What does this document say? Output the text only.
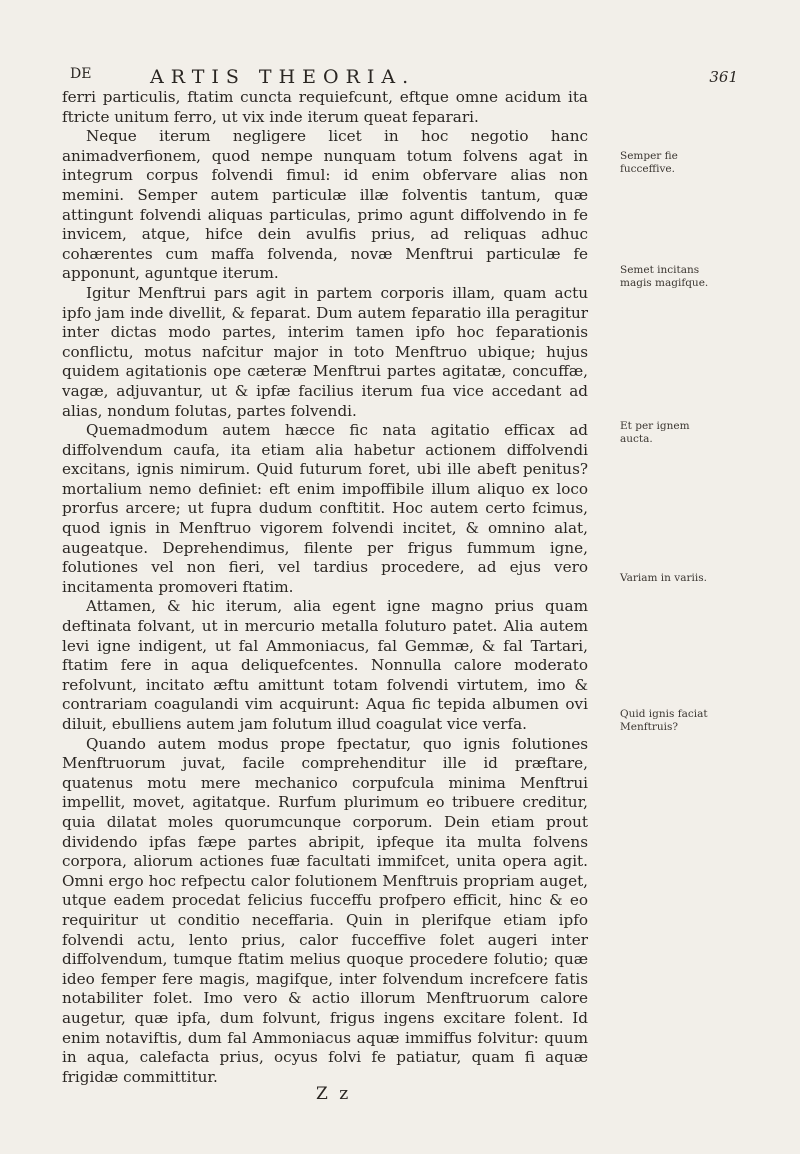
DE	ARTIS THEORIA.	361

ferri particulis, ftatim cuncta requiefcunt, eftque omne acidum ita ftricte unitum ferro, ut vix inde iterum queat feparari.

Neque iterum negligere licet in hoc negotio hanc animadverfionem, quod nempe nunquam totum folvens agat in integrum corpus folvendi fimul: id enim obfervare alias non memini. Semper autem particulæ illæ folventis tantum, quæ attingunt folvendi aliquas particulas, primo agunt diffolvendo in fe invicem, atque, hifce dein avulfis prius, ad reliquas adhuc cohærentes cum maffa folvenda, novæ Menftrui particulæ fe apponunt, aguntque iterum.

Igitur Menftrui pars agit in partem corporis illam, quam actu ipfo jam inde divellit, & feparat. Dum autem feparatio illa peragitur inter dictas modo partes, interim tamen ipfo hoc feparationis conflictu, motus nafcitur major in toto Menftruo ubique; hujus quidem agitationis ope cæteræ Menftrui partes agitatæ, concuffæ, vagæ, adjuvantur, ut & ipfæ facilius iterum fua vice accedant ad alias, nondum folutas, partes folvendi.

Quemadmodum autem hæcce fic nata agitatio efficax ad diffolvendum caufa, ita etiam alia habetur actionem diffolvendi excitans, ignis nimirum. Quid futurum foret, ubi ille abeft penitus? mortalium nemo definiet: eft enim impoffibile illum aliquo ex loco prorfus arcere; ut fupra dudum conftitit. Hoc autem certo fcimus, quod ignis in Menftruo vigorem folvendi incitet, & omnino alat, augeatque. Deprehendimus, filente per frigus fummum igne, folutiones vel non fieri, vel tardius procedere, ad ejus vero incitamenta promoveri ftatim.

Attamen, & hic iterum, alia egent igne magno prius quam deftinata folvant, ut in mercurio metalla foluturo patet. Alia autem levi igne indigent, ut fal Ammoniacus, fal Gemmæ, & fal Tartari, ftatim fere in aqua deliquefcentes. Nonnulla calore moderato refolvunt, incitato æftu amittunt totam folvendi virtutem, imo & contrariam coagulandi vim acquirunt: Aqua fic tepida albumen ovi diluit, ebulliens autem jam folutum illud coagulat vice verfa.

Quando autem modus prope fpectatur, quo ignis folutiones Menftruorum juvat, facile comprehenditur ille id præftare, quatenus motu mere mechanico corpufcula minima Menftrui impellit, movet, agitatque. Rurfum plurimum eo tribuere creditur, quia dilatat moles quorumcunque corporum. Dein etiam prout dividendo ipfas fæpe partes abripit, ipfeque ita multa folvens corpora, aliorum actiones fuæ facultati immifcet, unita opera agit. Omni ergo hoc refpectu calor folutionem Menftruis propriam auget, utque eadem procedat felicius fucceffu profpero efficit, hinc & eo requiritur ut conditio neceffaria. Quin in plerifque etiam ipfo folvendi actu, lento prius, calor fucceffive folet augeri inter diffolvendum, tumque ftatim melius quoque procedere folutio; quæ ideo femper fere magis, magifque, inter folvendum increfcere fatis notabiliter folet. Imo vero & actio illorum Menftruorum calore augetur, quæ ipfa, dum folvunt, frigus ingens excitare folent. Id enim notaviftis, dum fal Ammoniacus aquæ immiffus folvitur: quum in aqua, calefacta prius, ocyus folvi fe patiatur, quam fi aquæ frigidæ committitur.

Semper fie fucceffive.
Semet incitans magis magifque.
Et per ignem aucta.
Variam in variis.
Quid ignis faciat Menftruis?
Z z
